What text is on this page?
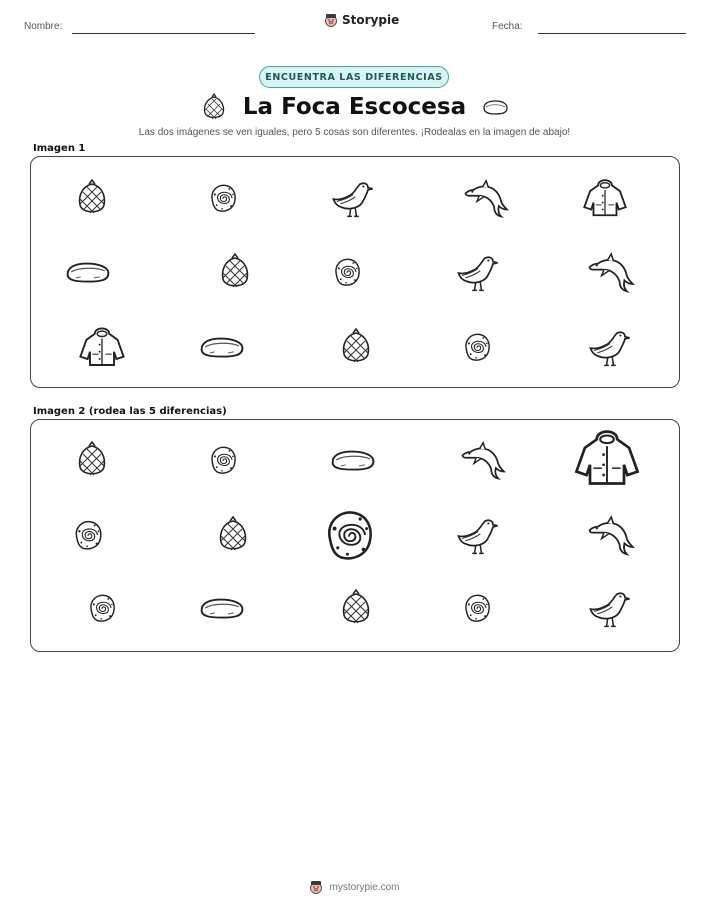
Nombre:	Storypie	Fecha:
ENCUENTRA LAS DIFERENCIAS
La Foca Escocesa
Las dos imágenes se ven iguales, pero 5 cosas son diferentes. ¡Rodealas en la imagen de abajo!
Imagen 1
Imagen 2 (rodea las 5 diferencias)
mystorypie.com
